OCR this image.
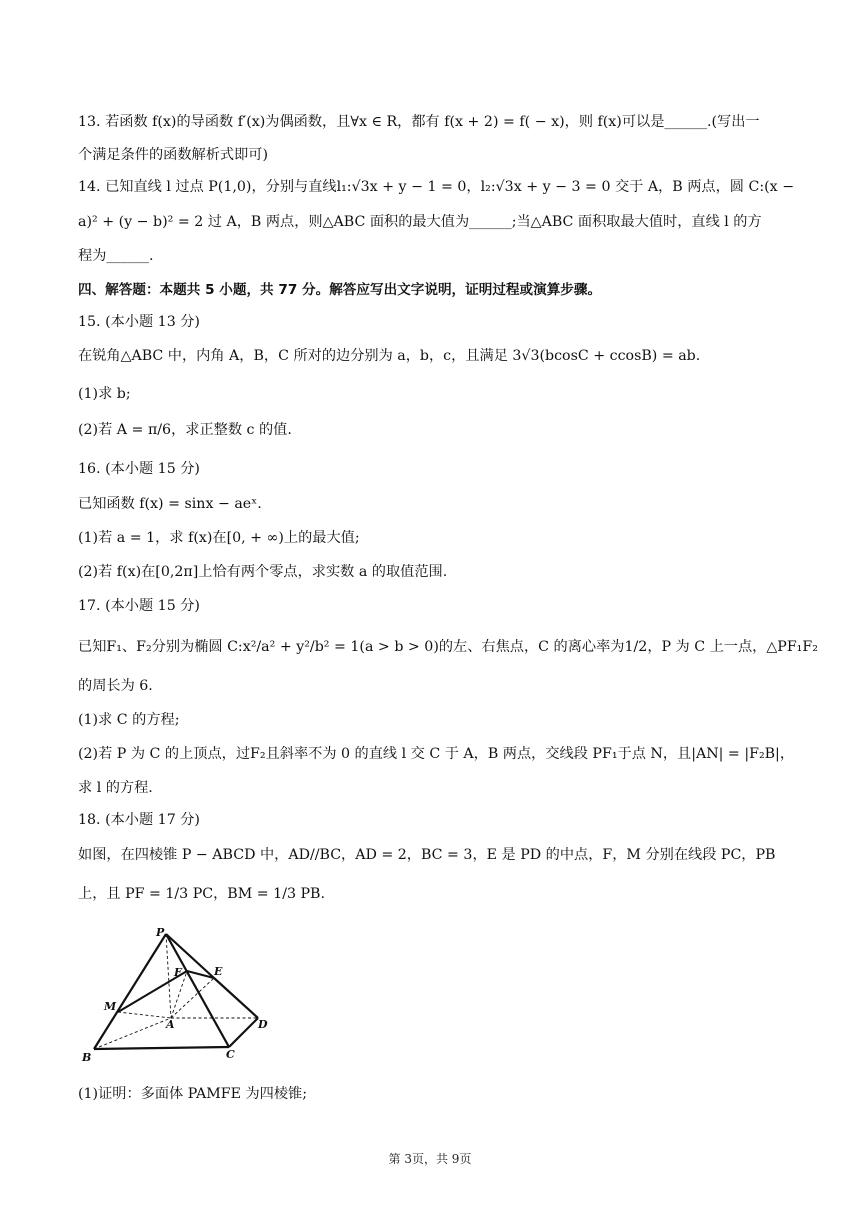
13. 若函数 f(x)的导函数 f′(x)为偶函数，且∀x ∈ R，都有 f(x + 2) = f( − x)，则 f(x)可以是______.(写出一
个满足条件的函数解析式即可)
14. 已知直线 l 过点 P(1,0)，分别与直线l₁:√3x + y − 1 = 0，l₂:√3x + y − 3 = 0 交于 A，B 两点，圆 C:(x −
a)² + (y − b)² = 2 过 A，B 两点，则△ABC 面积的最大值为______;当△ABC 面积取最大值时，直线 l 的方
程为______.
四、解答题：本题共 5 小题，共 77 分。解答应写出文字说明，证明过程或演算步骤。
15. (本小题 13 分)
在锐角△ABC 中，内角 A，B，C 所对的边分别为 a，b，c，且满足 3√3(bcosC + ccosB) = ab.
(1)求 b;
(2)若 A = π/6，求正整数 c 的值.
16. (本小题 15 分)
已知函数 f(x) = sinx − aeˣ.
(1)若 a = 1，求 f(x)在[0, + ∞)上的最大值;
(2)若 f(x)在[0,2π]上恰有两个零点，求实数 a 的取值范围.
17. (本小题 15 分)
已知F₁、F₂分别为椭圆 C:x²/a² + y²/b² = 1(a > b > 0)的左、右焦点，C 的离心率为1/2，P 为 C 上一点，△PF₁F₂
的周长为 6.
(1)求 C 的方程;
(2)若 P 为 C 的上顶点，过F₂且斜率不为 0 的直线 l 交 C 于 A，B 两点，交线段 PF₁于点 N，且|AN| = |F₂B|，
求 l 的方程.
18. (本小题 17 分)
如图，在四棱锥 P − ABCD 中，AD//BC，AD = 2，BC = 3，E 是 PD 的中点，F，M 分别在线段 PC，PB
上，且 PF = 1/3 PC，BM = 1/3 PB.
P
F	E
M
A	D
B	C
(1)证明：多面体 PAMFE 为四棱锥;
第 3页，共 9页
